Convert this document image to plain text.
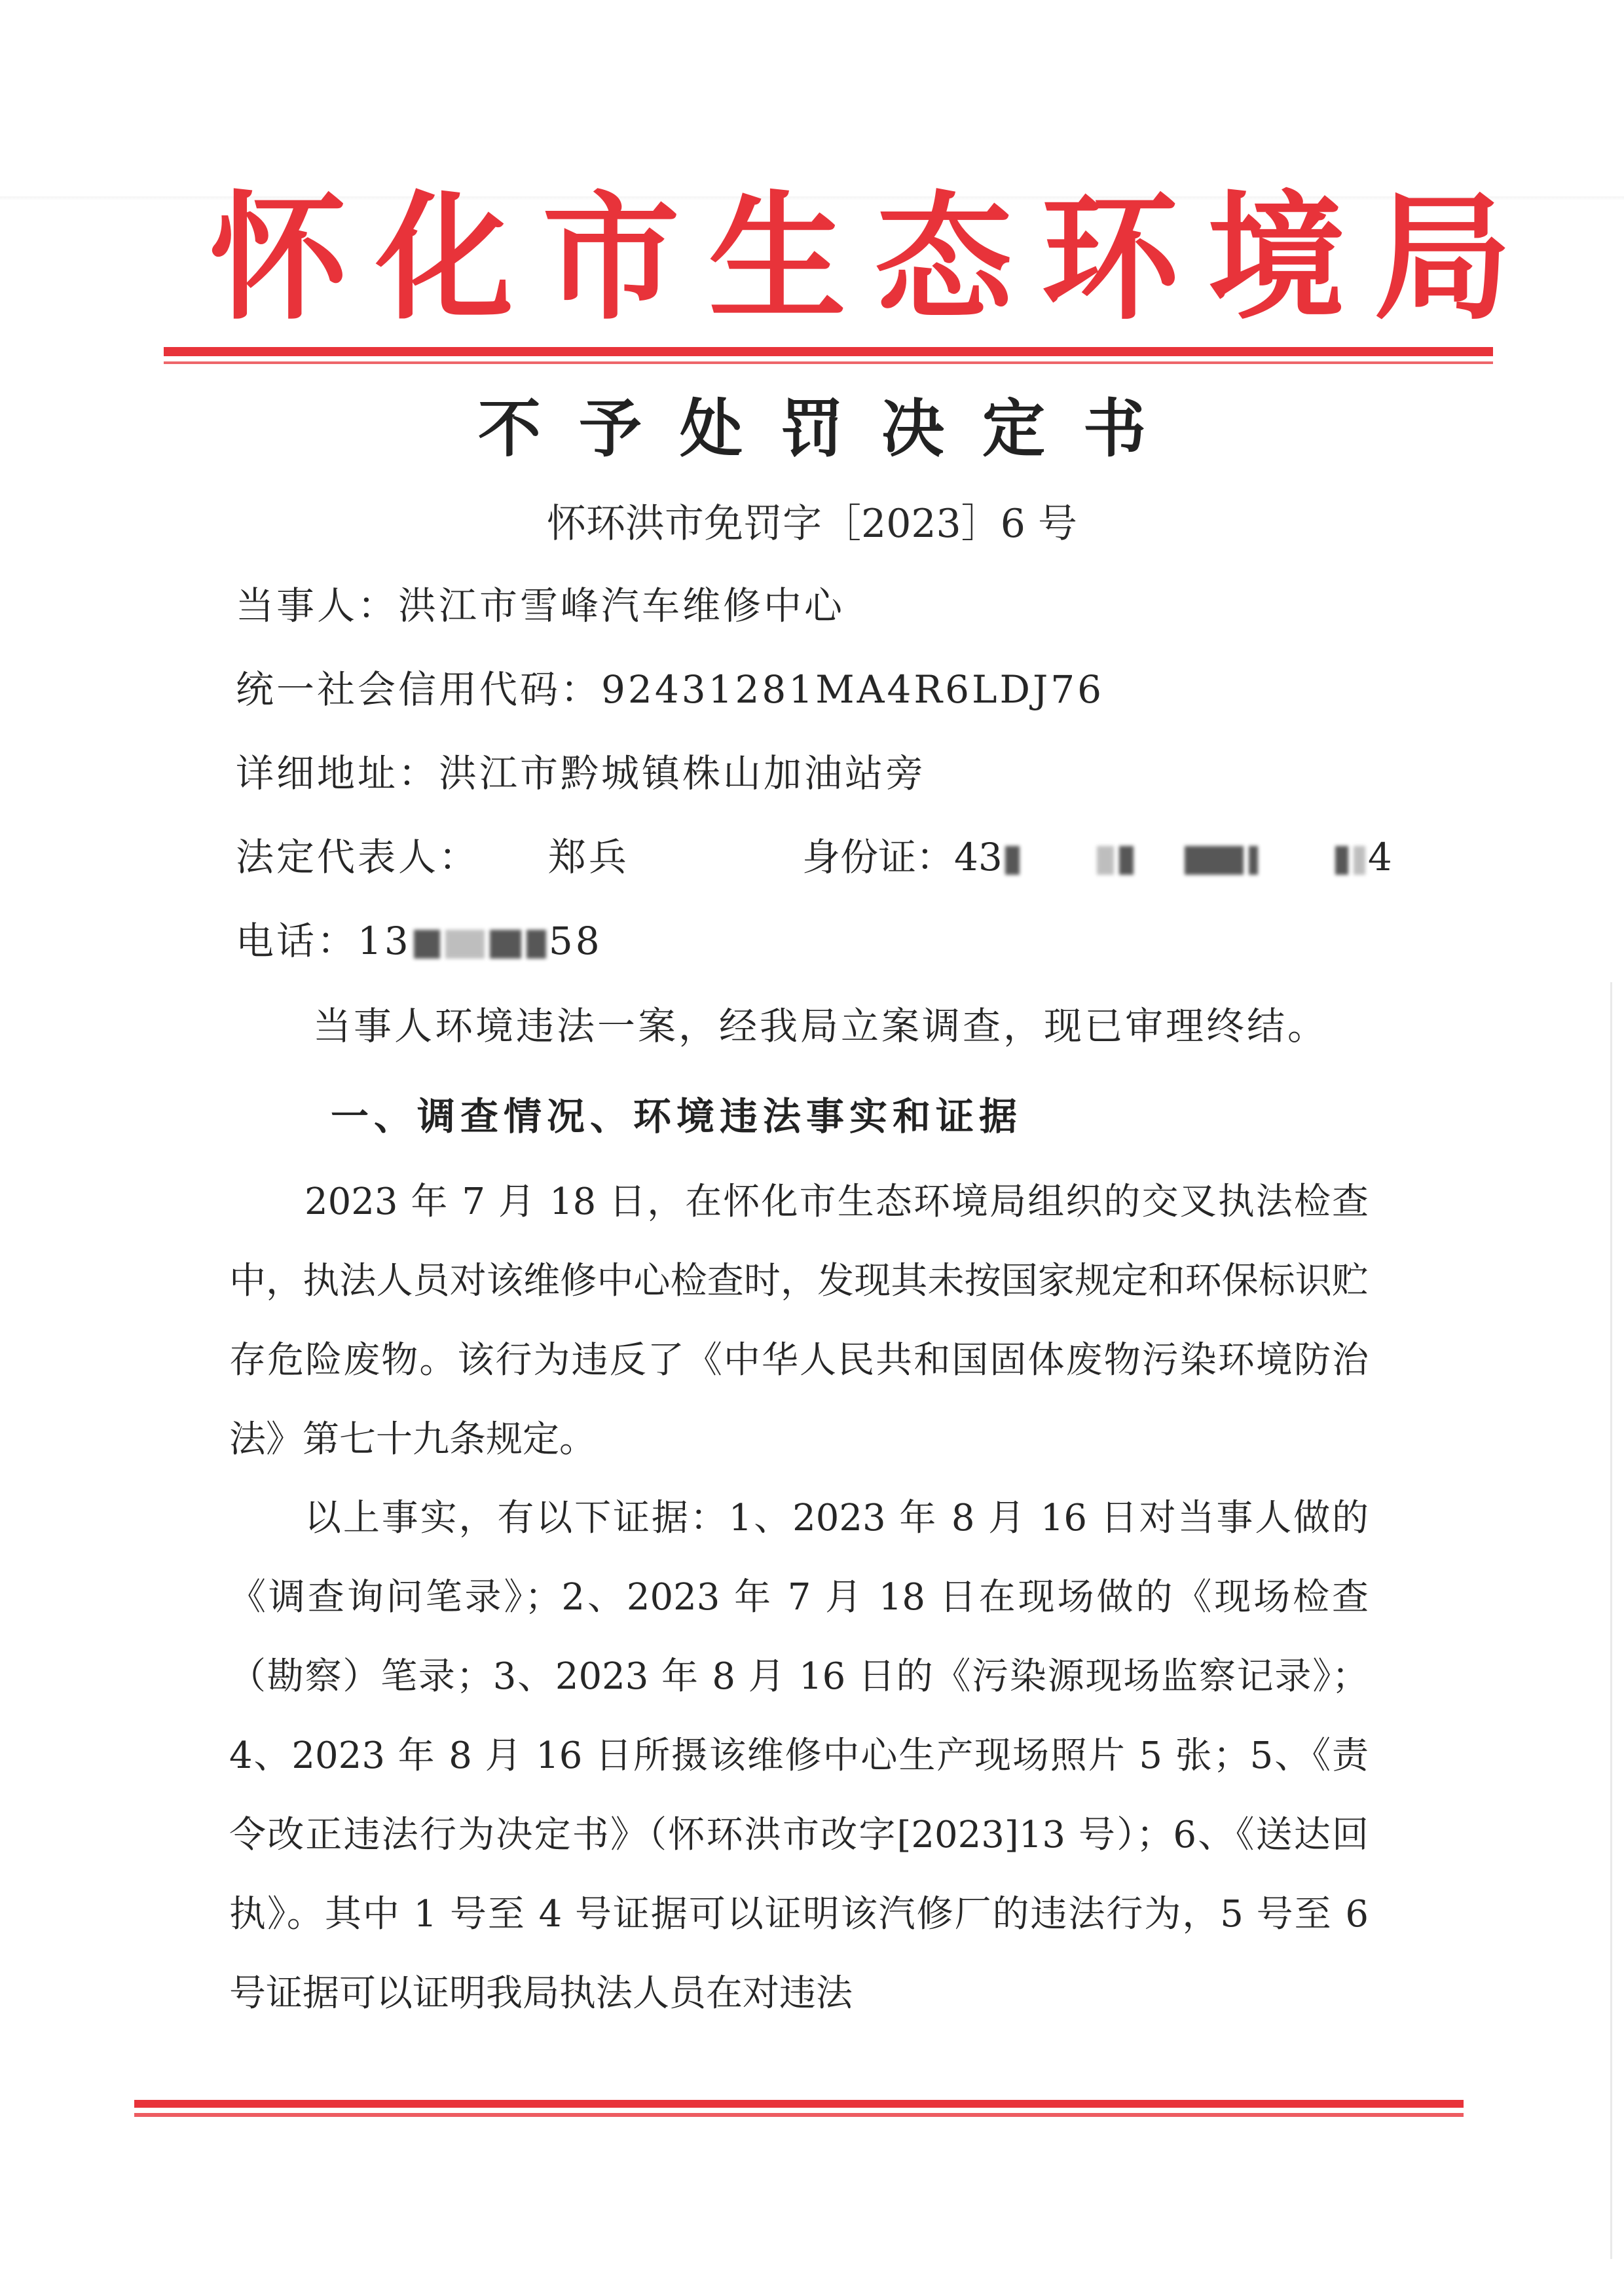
怀化市生态环境局
不予处罚决定书
怀环洪市免罚字［2023］6 号
当事人：洪江市雪峰汽车维修中心
统一社会信用代码：92431281MA4R6LDJ76
详细地址：洪江市黔城镇株山加油站旁
法定代表人： 郑兵	身份证：43	4
电话：13	58
当事人环境违法一案，经我局立案调查，现已审理终结。
一、调查情况、环境违法事实和证据
2023 年 7 月 18 日，在怀化市生态环境局组织的交叉执法检查中，执法人员对该维修中心检查时，发现其未按国家规定和环保标识贮存危险废物。该行为违反了《中华人民共和国固体废物污染环境防治法》第七十九条规定。
以上事实，有以下证据：1、2023 年 8 月 16 日对当事人做的《调查询问笔录》；2、2023 年 7 月 18 日在现场做的《现场检查（勘察）笔录；3、2023 年 8 月 16 日的《污染源现场监察记录》；4、2023 年 8 月 16 日所摄该维修中心生产现场照片 5 张；5、《责令改正违法行为决定书》（怀环洪市改字[2023]13 号）；6、《送达回执》。其中 1 号至 4 号证据可以证明该汽修厂的违法行为，5 号至 6 号证据可以证明我局执法人员在对违法
